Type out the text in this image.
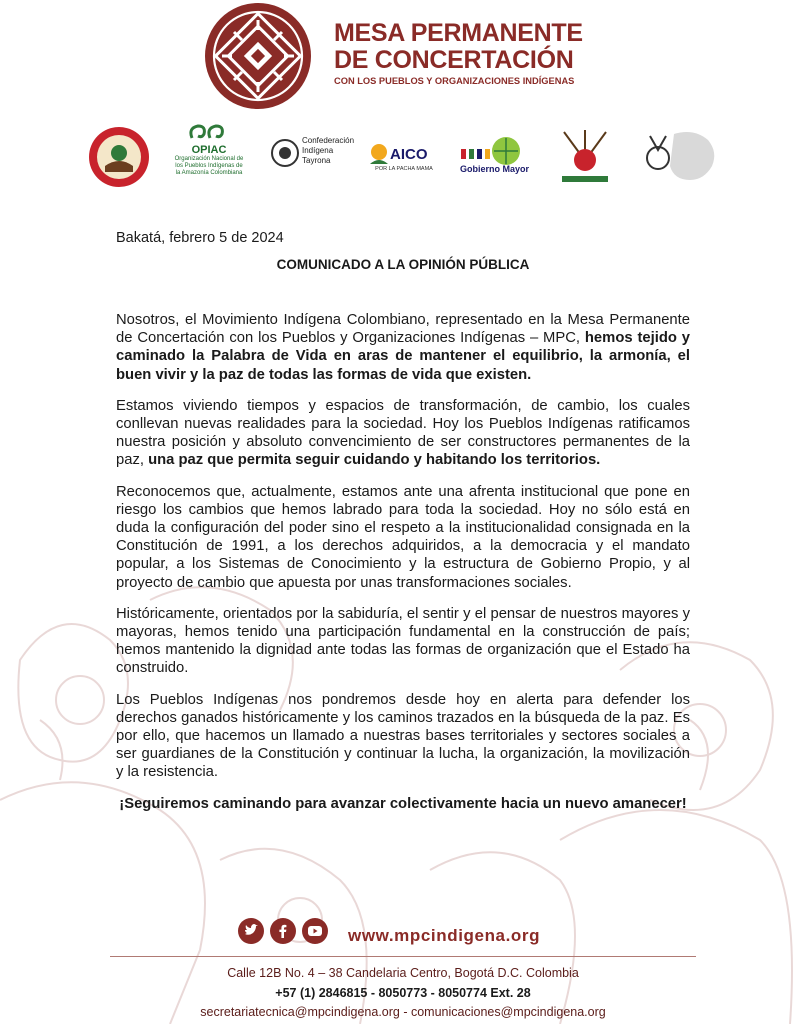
MESA PERMANENTE
DE CONCERTACIÓN
CON LOS PUEBLOS Y ORGANIZACIONES INDÍGENAS
OPIAC
Organización Nacional de los Pueblos Indígenas de la Amazonía Colombiana
Confederación
Indígena
Tayrona	AICO
POR LA PACHA MAMA	Gobierno Mayor
Bakatá, febrero 5 de 2024
COMUNICADO A LA OPINIÓN PÚBLICA

Nosotros, el Movimiento Indígena Colombiano, representado en la Mesa Permanente de Concertación con los Pueblos y Organizaciones Indígenas – MPC, hemos tejido y caminado la Palabra de Vida en aras de mantener el equilibrio, la armonía, el buen vivir y la paz de todas las formas de vida que existen.

Estamos viviendo tiempos y espacios de transformación, de cambio, los cuales conllevan nuevas realidades para la sociedad. Hoy los Pueblos Indígenas ratificamos nuestra posición y absoluto convencimiento de ser constructores permanentes de la paz, una paz que permita seguir cuidando y habitando los territorios.

Reconocemos que, actualmente, estamos ante una afrenta institucional que pone en riesgo los cambios que hemos labrado para toda la sociedad. Hoy no sólo está en duda la configuración del poder sino el respeto a la institucionalidad consignada en la Constitución de 1991, a los derechos adquiridos, a la democracia y el mandato popular, a los Sistemas de Conocimiento y la estructura de Gobierno Propio, y al proyecto de cambio que apuesta por unas transformaciones sociales.

Históricamente, orientados por la sabiduría, el sentir y el pensar de nuestros mayores y mayoras, hemos tenido una participación fundamental en la construcción de país; hemos mantenido la dignidad ante todas las formas de organización que el Estado ha construido.

Los Pueblos Indígenas nos pondremos desde hoy en alerta para defender los derechos ganados históricamente y los caminos trazados en la búsqueda de la paz. Es por ello, que hacemos un llamado a nuestras bases territoriales y sectores sociales a ser guardianes de la Constitución y continuar la lucha, la organización, la movilización y la resistencia.

¡Seguiremos caminando para avanzar colectivamente hacia un nuevo amanecer!

www.mpcindigena.org
Calle 12B No. 4 – 38 Candelaria Centro, Bogotá D.C. Colombia
+57 (1) 2846815 - 8050773 - 8050774 Ext. 28
secretariatecnica@mpcindigena.org - comunicaciones@mpcindigena.org
